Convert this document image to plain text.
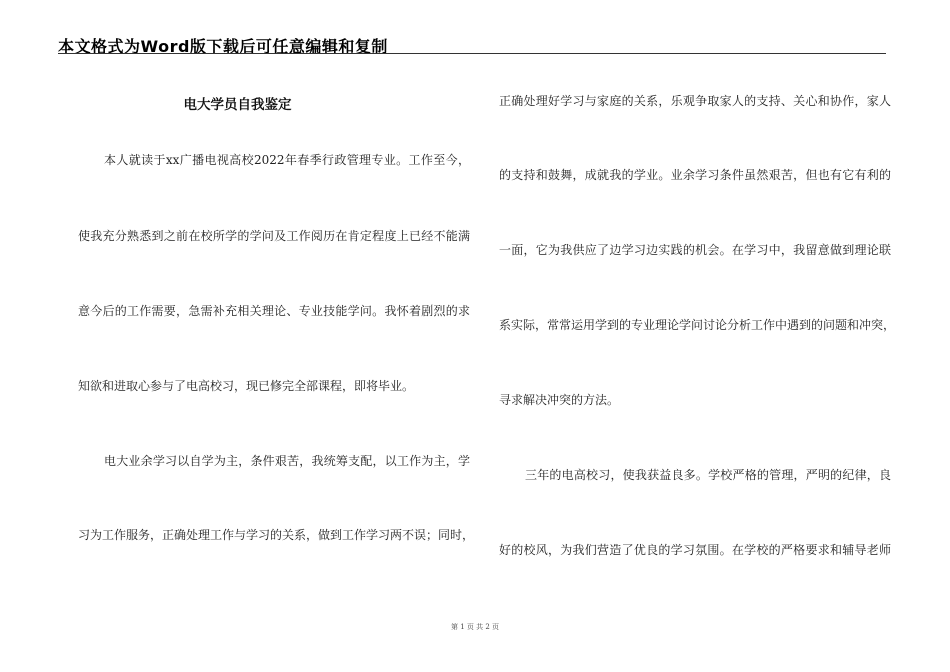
本文格式为Word版下载后可任意编辑和复制
电大学员自我鉴定
本人就读于xx广播电视高校2022年春季行政管理专业。工作至今，
使我充分熟悉到之前在校所学的学问及工作阅历在肯定程度上已经不能满
意今后的工作需要，急需补充相关理论、专业技能学问。我怀着剧烈的求
知欲和进取心参与了电高校习，现已修完全部课程，即将毕业。
电大业余学习以自学为主，条件艰苦，我统筹支配，以工作为主，学
习为工作服务，正确处理工作与学习的关系，做到工作学习两不误；同时，
正确处理好学习与家庭的关系，乐观争取家人的支持、关心和协作，家人
的支持和鼓舞，成就我的学业。业余学习条件虽然艰苦，但也有它有利的
一面，它为我供应了边学习边实践的机会。在学习中，我留意做到理论联
系实际，常常运用学到的专业理论学问讨论分析工作中遇到的问题和冲突，
寻求解决冲突的方法。
三年的电高校习，使我获益良多。学校严格的管理，严明的纪律，良
好的校风，为我们营造了优良的学习氛围。在学校的严格要求和辅导老师
第 1 页 共 2 页
